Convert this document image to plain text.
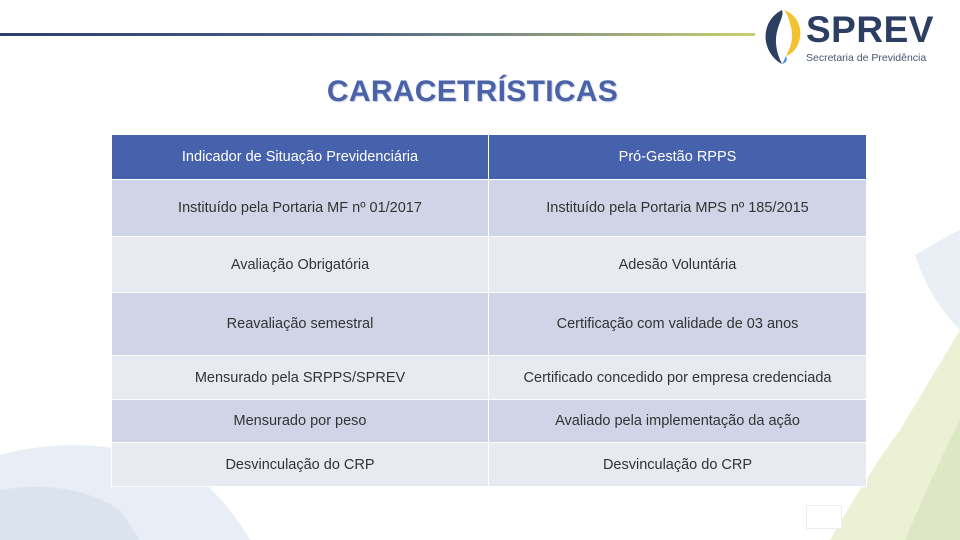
SPREV
Secretaria de Previdência
CARACETRÍSTICAS
Indicador de Situação Previdenciária	Pró-Gestão RPPS
Instituído pela Portaria MF nº 01/2017	Instituído pela Portaria MPS nº 185/2015
Avaliação Obrigatória	Adesão Voluntária
Reavaliação semestral	Certificação com validade de 03 anos
Mensurado pela SRPPS/SPREV	Certificado concedido por empresa credenciada
Mensurado por peso	Avaliado pela implementação da ação
Desvinculação do CRP	Desvinculação do CRP
